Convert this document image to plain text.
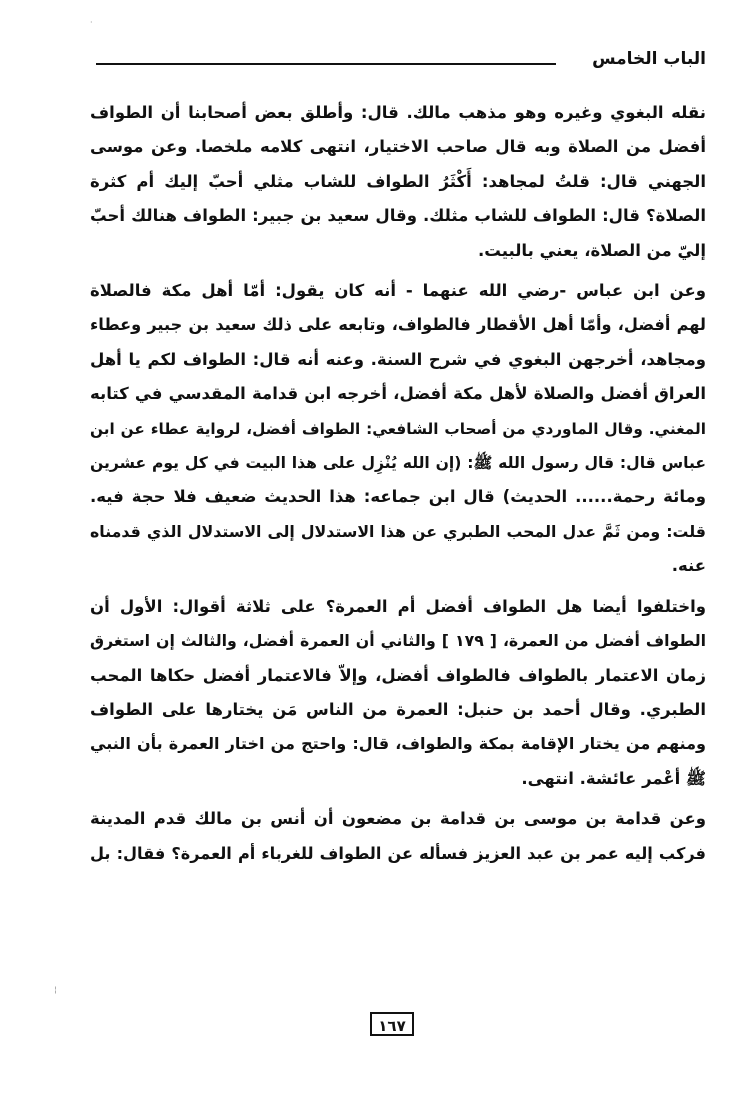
الباب الخامس

نقله البغوي وغيره وهو مذهب مالك. قال: وأطلق بعض أصحابنا أن الطواف
أفضل من الصلاة وبه قال صاحب الاختيار، انتهى كلامه ملخصا. وعن موسى
الجهني قال: قلتُ لمجاهد: أَكْثَرُ الطواف للشاب مثلي أحبّ إليك أم كثرة
الصلاة؟ قال: الطواف للشاب مثلك. وقال سعيد بن جبير: الطواف هنالك أحبّ
إليّ من الصلاة، يعني بالبيت.

وعن ابن عباس -رضي الله عنهما - أنه كان يقول: أمّا أهل مكة فالصلاة
لهم أفضل، وأمّا أهل الأقطار فالطواف، وتابعه على ذلك سعيد بن جبير وعطاء
ومجاهد، أخرجهن البغوي في شرح السنة. وعنه أنه قال: الطواف لكم يا أهل
العراق أفضل والصلاة لأهل مكة أفضل، أخرجه ابن قدامة المقدسي في كتابه
المغني. وقال الماوردي من أصحاب الشافعي: الطواف أفضل، لرواية عطاء عن ابن
عباس قال: قال رسول الله ﷺ: (إن الله يُنْزِل على هذا البيت في كل يوم عشرين
ومائة رحمة...... الحديث) قال ابن جماعه: هذا الحديث ضعيف فلا حجة فيه.
قلت: ومن ثَمَّ عدل المحب الطبري عن هذا الاستدلال إلى الاستدلال الذي قدمناه
عنه.

واختلفوا أيضا هل الطواف أفضل أم العمرة؟ على ثلاثة أقوال: الأول أن
الطواف أفضل من العمرة، [ ١٧٩ ] والثاني أن العمرة أفضل، والثالث إن استغرق
زمان الاعتمار بالطواف فالطواف أفضل، وإلاّ فالاعتمار أفضل حكاها المحب
الطبري. وقال أحمد بن حنبل: العمرة من الناس مَن يختارها على الطواف
ومنهم من يختار الإقامة بمكة والطواف، قال: واحتج من اختار العمرة بأن النبي
ﷺ أعْمر عائشة. انتهى.

وعن قدامة بن موسى بن قدامة بن مضعون أن أنس بن مالك قدم المدينة
فركب إليه عمر بن عبد العزيز فسأله عن الطواف للغرباء أم العمرة؟ فقال: بل

١٦٧
·
¦
